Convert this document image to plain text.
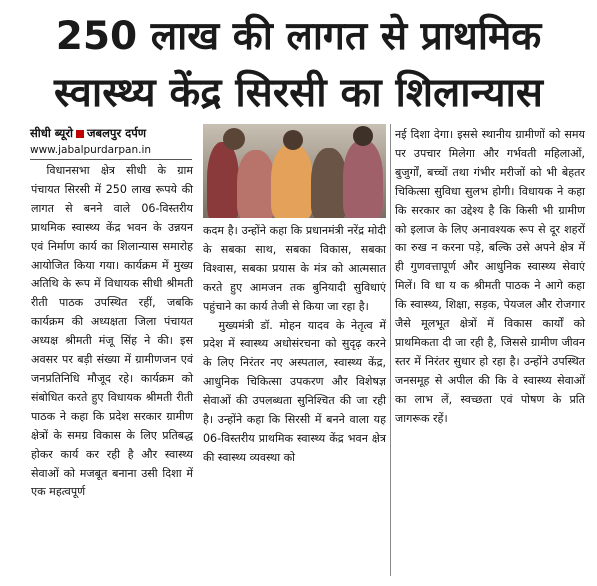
250 लाख की लागत से प्राथमिक
स्वास्थ्य केंद्र सिरसी का शिलान्यास
सीधी ब्यूरो जबलपुर दर्पण
www.jabalpurdarpan.in

विधानसभा क्षेत्र सीधी के ग्राम पंचायत सिरसी में 250 लाख रूपये की लागत से बनने वाले 06-विस्तरीय प्राथमिक स्वास्थ्य केंद्र भवन के उन्नयन एवं निर्माण कार्य का शिलान्यास समारोह आयोजित किया गया। कार्यक्रम में मुख्य अतिथि के रूप में विधायक सीधी श्रीमती रीती पाठक उपस्थित रहीं, जबकि कार्यक्रम की अध्यक्षता जिला पंचायत अध्यक्ष श्रीमती मंजू सिंह ने की। इस अवसर पर बड़ी संख्या में ग्रामीणजन एवं जनप्रतिनिधि मौजूद रहे। कार्यक्रम को संबोधित करते हुए विधायक श्रीमती रीती पाठक ने कहा कि प्रदेश सरकार ग्रामीण क्षेत्रों के समग्र विकास के लिए प्रतिबद्ध होकर कार्य कर रही है और स्वास्थ्य सेवाओं को मजबूत बनाना उसी दिशा में एक महत्वपूर्ण

कदम है। उन्होंने कहा कि प्रधानमंत्री नरेंद्र मोदी के सबका साथ, सबका विकास, सबका विश्वास, सबका प्रयास के मंत्र को आत्मसात करते हुए आमजन तक बुनियादी सुविधाएं पहुंचाने का कार्य तेजी से किया जा रहा है।

मुख्यमंत्री डॉ. मोहन यादव के नेतृत्व में प्रदेश में स्वास्थ्य अधोसंरचना को सुदृढ़ करने के लिए निरंतर नए अस्पताल, स्वास्थ्य केंद्र, आधुनिक चिकित्सा उपकरण और विशेषज्ञ सेवाओं की उपलब्धता सुनिश्चित की जा रही है। उन्होंने कहा कि सिरसी में बनने वाला यह 06-विस्तरीय प्राथमिक स्वास्थ्य केंद्र भवन क्षेत्र की स्वास्थ्य व्यवस्था को

नई दिशा देगा। इससे स्थानीय ग्रामीणों को समय पर उपचार मिलेगा और गर्भवती महिलाओं, बुजुर्गों, बच्चों तथा गंभीर मरीजों को भी बेहतर चिकित्सा सुविधा सुलभ होगी। विधायक ने कहा कि सरकार का उद्देश्य है कि किसी भी ग्रामीण को इलाज के लिए अनावश्यक रूप से दूर शहरों का रुख न करना पड़े, बल्कि उसे अपने क्षेत्र में ही गुणवत्तापूर्ण और आधुनिक स्वास्थ्य सेवाएं मिलें। वि धा य क श्रीमती पाठक ने आगे कहा कि स्वास्थ्य, शिक्षा, सड़क, पेयजल और रोजगार जैसे मूलभूत क्षेत्रों में विकास कार्यों को प्राथमिकता दी जा रही है, जिससे ग्रामीण जीवन स्तर में निरंतर सुधार हो रहा है। उन्होंने उपस्थित जनसमूह से अपील की कि वे स्वास्थ्य सेवाओं का लाभ लें, स्वच्छता एवं पोषण के प्रति जागरूक रहें।
